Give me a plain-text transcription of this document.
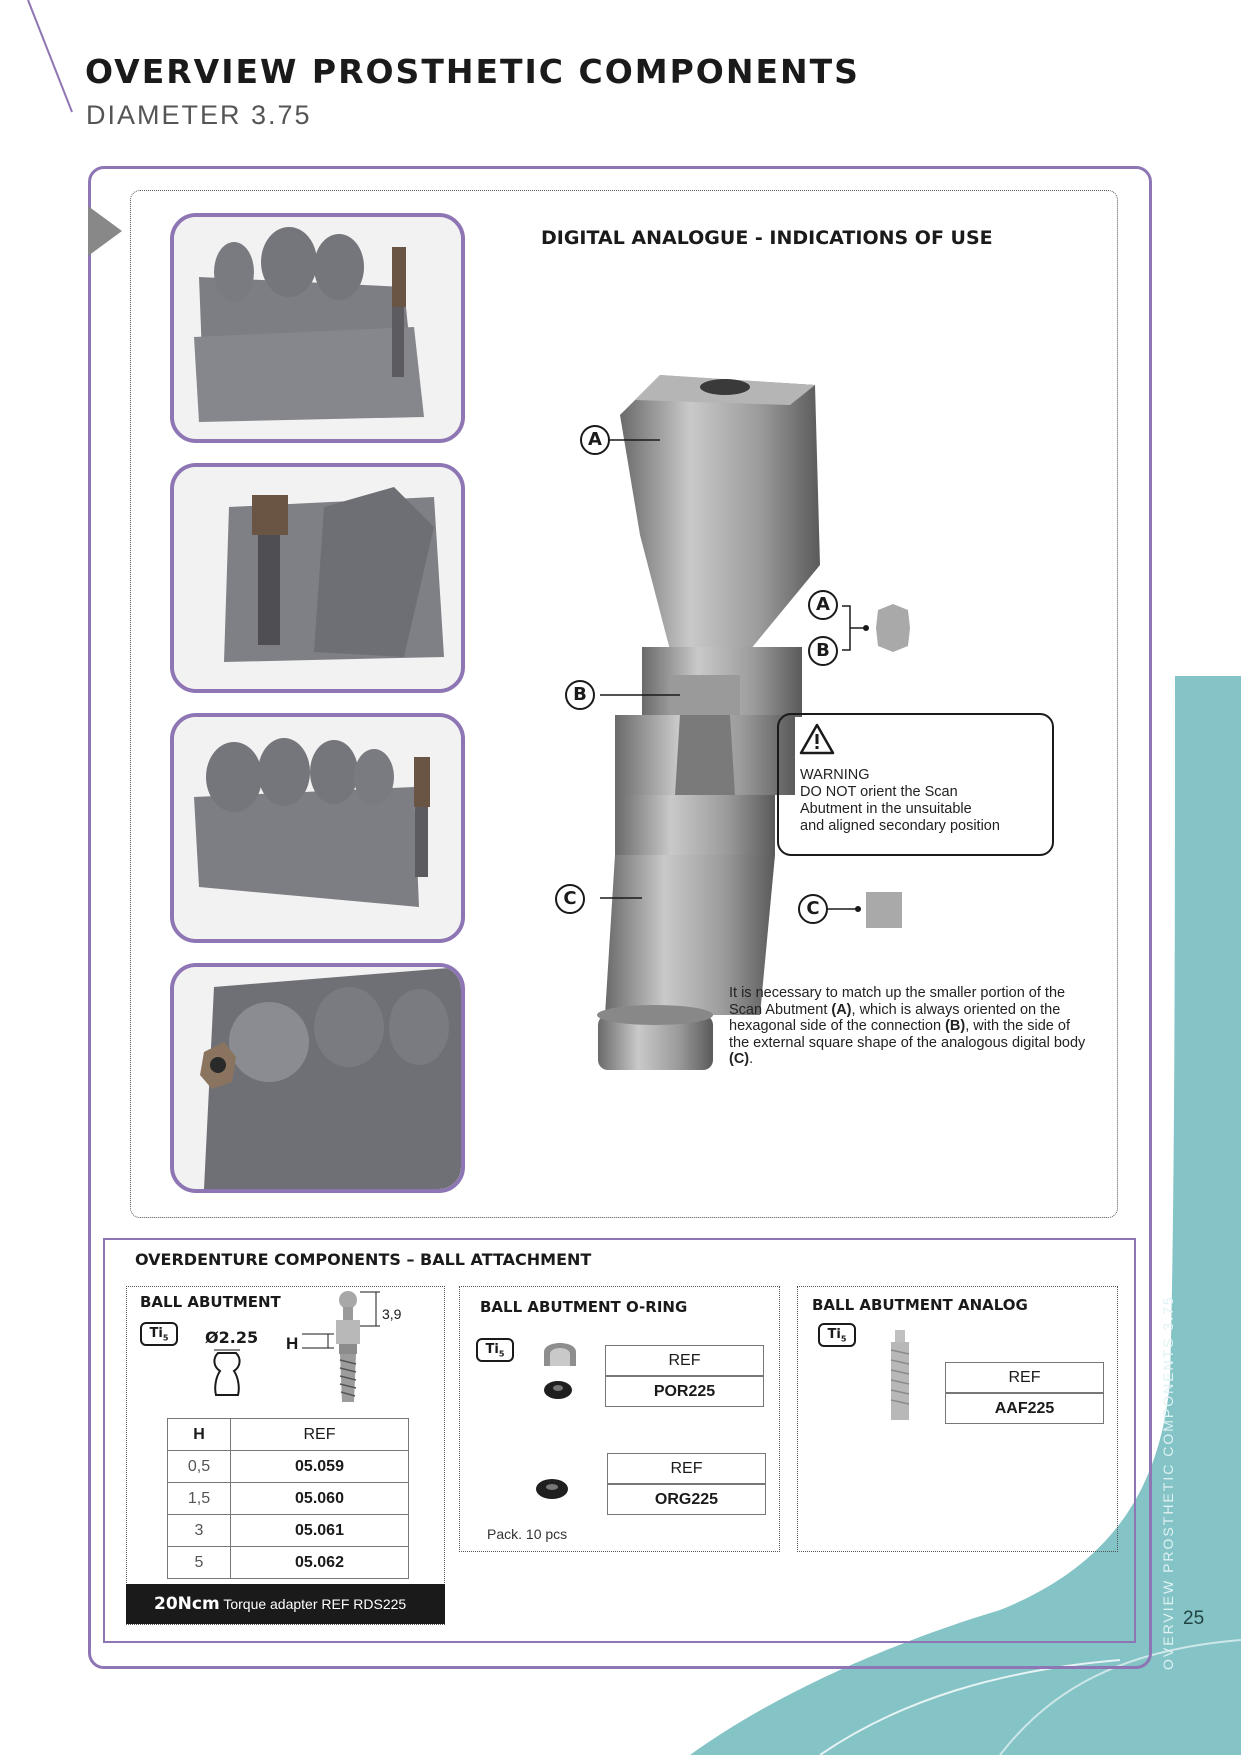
OVERVIEW PROSTHETIC COMPONENTS
DIAMETER 3.75
DIGITAL ANALOGUE - INDICATIONS OF USE
A
B
C
A
B
C
WARNING
DO NOT orient the Scan
Abutment in the unsuitable
and aligned secondary position
It is necessary to match up the smaller portion of the Scan Abutment (A), which is always oriented on the hexagonal side of the connection (B), with the side of the external square shape of the analogous digital body (C).
OVERDENTURE COMPONENTS – BALL ATTACHMENT
BALL ABUTMENT
$Ti_5$	Ø2.25 H
3,9
H	REF
0,5	05.059
1,5	05.060
3	05.061
5	05.062
20Ncm Torque adapter REF RDS225
BALL ABUTMENT O-RING
$Ti_5$	REF
POR225
REF
ORG225
Pack. 10 pcs
BALL ABUTMENT ANALOG
$Ti_5$
REF
AAF225	OVERVIEW PROSTHETIC COMPONENTS 3.75 25
